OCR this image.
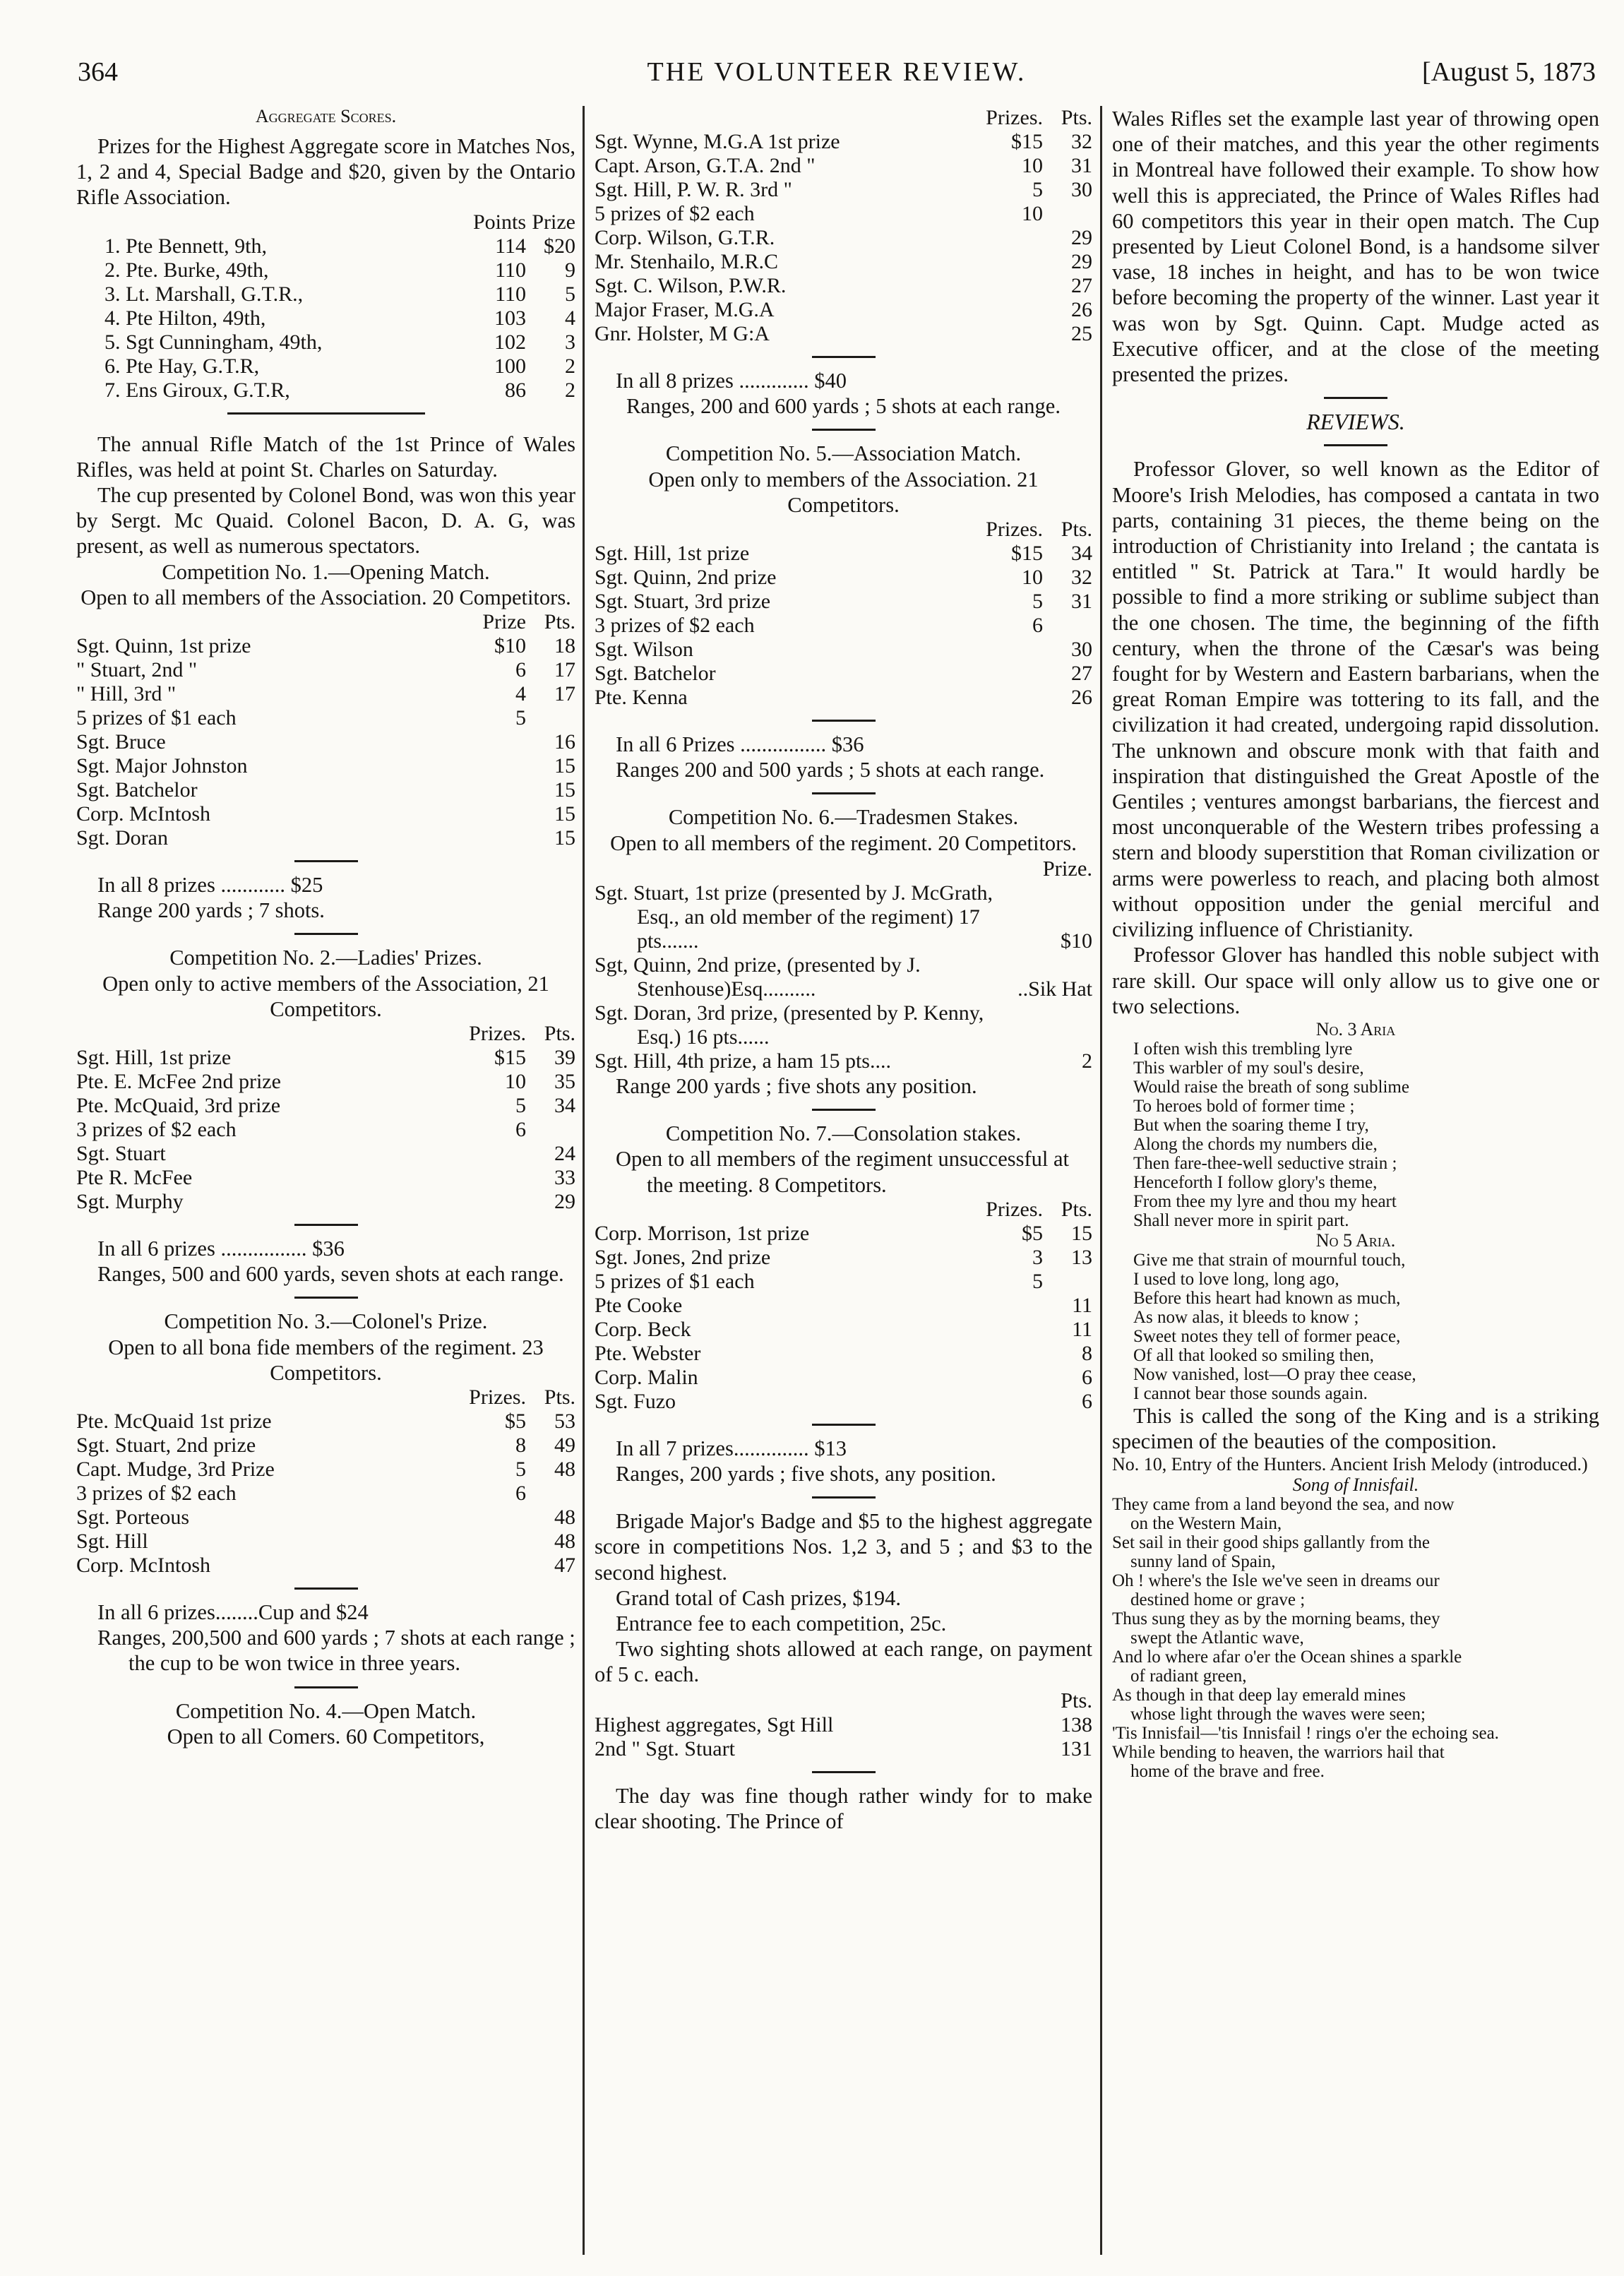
364	THE VOLUNTEER REVIEW.	[August 5, 1873
Aggregate Scores.

Prizes for the Highest Aggregate score in Matches Nos, 1, 2 and 4, Special Badge and $20, given by the Ontario Rifle Association.

	Points	Prize
1. Pte Bennett, 9th,	114	$20
2. Pte. Burke, 49th,	110	9
3. Lt. Marshall, G.T.R.,	110	5
4. Pte Hilton, 49th,	103	4
5. Sgt Cunningham, 49th,	102	3
6. Pte Hay, G.T.R,	100	2
7. Ens Giroux, G.T.R,	86	2

The annual Rifle Match of the 1st Prince of Wales Rifles, was held at point St. Charles on Saturday.

The cup presented by Colonel Bond, was won this year by Sergt. Mc Quaid. Colonel Bacon, D. A. G, was present, as well as numerous spectators.

Competition No. 1.—Opening Match.
Open to all members of the Association. 20 Competitors.
	Prize	Pts.
Sgt. Quinn, 1st prize	$10	18
" Stuart, 2nd "	6	17
" Hill, 3rd "	4	17
5 prizes of $1 each	5	
Sgt. Bruce		16
Sgt. Major Johnston		15
Sgt. Batchelor		15
Corp. McIntosh		15
Sgt. Doran		15
In all 8 prizes ............ $25
Range 200 yards ; 7 shots.
Competition No. 2.—Ladies' Prizes.
Open only to active members of the Association, 21 Competitors.
	Prizes.	Pts.
Sgt. Hill, 1st prize	$15	39
Pte. E. McFee 2nd prize	10	35
Pte. McQuaid, 3rd prize	5	34
3 prizes of $2 each	6	
Sgt. Stuart		24
Pte R. McFee		33
Sgt. Murphy		29
In all 6 prizes ................ $36
Ranges, 500 and 600 yards, seven shots at each range.
Competition No. 3.—Colonel's Prize.
Open to all bona fide members of the regiment. 23 Competitors.
	Prizes.	Pts.
Pte. McQuaid 1st prize	$5	53
Sgt. Stuart, 2nd prize	8	49
Capt. Mudge, 3rd Prize	5	48
3 prizes of $2 each	6	
Sgt. Porteous		48
Sgt. Hill		48
Corp. McIntosh		47
In all 6 prizes........Cup and $24
Ranges, 200,500 and 600 yards ; 7 shots at each range ; the cup to be won twice in three years.
Competition No. 4.—Open Match.
Open to all Comers. 60 Competitors,
	Prizes.	Pts.
Sgt. Wynne, M.G.A 1st prize	$15	32
Capt. Arson, G.T.A. 2nd "	10	31
Sgt. Hill, P. W. R. 3rd "	5	30
5 prizes of $2 each	10	
Corp. Wilson, G.T.R.		29
Mr. Stenhailo, M.R.C		29
Sgt. C. Wilson, P.W.R.		27
Major Fraser, M.G.A		26
Gnr. Holster, M G:A		25
In all 8 prizes ............. $40
Ranges, 200 and 600 yards ; 5 shots at each range.
Competition No. 5.—Association Match.
Open only to members of the Association. 21 Competitors.
	Prizes.	Pts.
Sgt. Hill, 1st prize	$15	34
Sgt. Quinn, 2nd prize	10	32
Sgt. Stuart, 3rd prize	5	31
3 prizes of $2 each	6	
Sgt. Wilson		30
Sgt. Batchelor		27
Pte. Kenna		26
In all 6 Prizes ................ $36
Ranges 200 and 500 yards ; 5 shots at each range.
Competition No. 6.—Tradesmen Stakes.
Open to all members of the regiment. 20 Competitors.
Prize.
Sgt. Stuart, 1st prize (presented by J. McGrath, Esq., an old member of the regiment) 17 pts.......	$10
Sgt, Quinn, 2nd prize, (presented by J. Stenhouse)Esq..........	..Sik Hat
Sgt. Doran, 3rd prize, (presented by P. Kenny, Esq.) 16 pts......	
Sgt. Hill, 4th prize, a ham 15 pts....	2
Range 200 yards ; five shots any position.
Competition No. 7.—Consolation stakes.
Open to all members of the regiment unsuccessful at the meeting. 8 Competitors.
	Prizes.	Pts.
Corp. Morrison, 1st prize	$5	15
Sgt. Jones, 2nd prize	3	13
5 prizes of $1 each	5	
Pte Cooke		11
Corp. Beck		11
Pte. Webster		8
Corp. Malin		6
Sgt. Fuzo		6
In all 7 prizes.............. $13
Ranges, 200 yards ; five shots, any position.

Brigade Major's Badge and $5 to the highest aggregate score in competitions Nos. 1,2 3, and 5 ; and $3 to the second highest.

Grand total of Cash prizes, $194.
Entrance fee to each competition, 25c.

Two sighting shots allowed at each range, on payment of 5 c. each.

Pts.
Highest aggregates, Sgt Hill	138
2nd " Sgt. Stuart	131

The day was fine though rather windy for to make clear shooting. The Prince of

Wales Rifles set the example last year of throwing open one of their matches, and this year the other regiments in Montreal have followed their example. To show how well this is appreciated, the Prince of Wales Rifles had 60 competitors this year in their open match. The Cup presented by Lieut Colonel Bond, is a handsome silver vase, 18 inches in height, and has to be won twice before becoming the property of the winner. Last year it was won by Sgt. Quinn. Capt. Mudge acted as Executive officer, and at the close of the meeting presented the prizes.

REVIEWS.

Professor Glover, so well known as the Editor of Moore's Irish Melodies, has composed a cantata in two parts, containing 31 pieces, the theme being on the introduction of Christianity into Ireland ; the cantata is entitled " St. Patrick at Tara." It would hardly be possible to find a more striking or sublime subject than the one chosen. The time, the beginning of the fifth century, when the throne of the Cæsar's was being fought for by Western and Eastern barbarians, when the great Roman Empire was tottering to its fall, and the civilization it had created, undergoing rapid dissolution. The unknown and obscure monk with that faith and inspiration that distinguished the Great Apostle of the Gentiles ; ventures amongst barbarians, the fiercest and most unconquerable of the Western tribes professing a stern and bloody superstition that Roman civilization or arms were powerless to reach, and placing both almost without opposition under the genial merciful and civilizing influence of Christianity.

Professor Glover has handled this noble subject with rare skill. Our space will only allow us to give one or two selections.

No. 3 Aria
I often wish this trembling lyre
This warbler of my soul's desire,
Would raise the breath of song sublime
To heroes bold of former time ;
But when the soaring theme I try,
Along the chords my numbers die,
Then fare-thee-well seductive strain ;
Henceforth I follow glory's theme,
From thee my lyre and thou my heart
Shall never more in spirit part.
No 5 Aria.
Give me that strain of mournful touch,
I used to love long, long ago,
Before this heart had known as much,
As now alas, it bleeds to know ;
Sweet notes they tell of former peace,
Of all that looked so smiling then,
Now vanished, lost—O pray thee cease,
I cannot bear those sounds again.

This is called the song of the King and is a striking specimen of the beauties of the composition.

No. 10, Entry of the Hunters. Ancient Irish Melody (introduced.)
Song of Innisfail.
They came from a land beyond the sea, and now
on the Western Main,
Set sail in their good ships gallantly from the
sunny land of Spain,
Oh ! where's the Isle we've seen in dreams our
destined home or grave ;
Thus sung they as by the morning beams, they
swept the Atlantic wave,
And lo where afar o'er the Ocean shines a sparkle
of radiant green,
As though in that deep lay emerald mines
whose light through the waves were seen;
'Tis Innisfail—'tis Innisfail ! rings o'er the echoing sea.
While bending to heaven, the warriors hail that
home of the brave and free.
